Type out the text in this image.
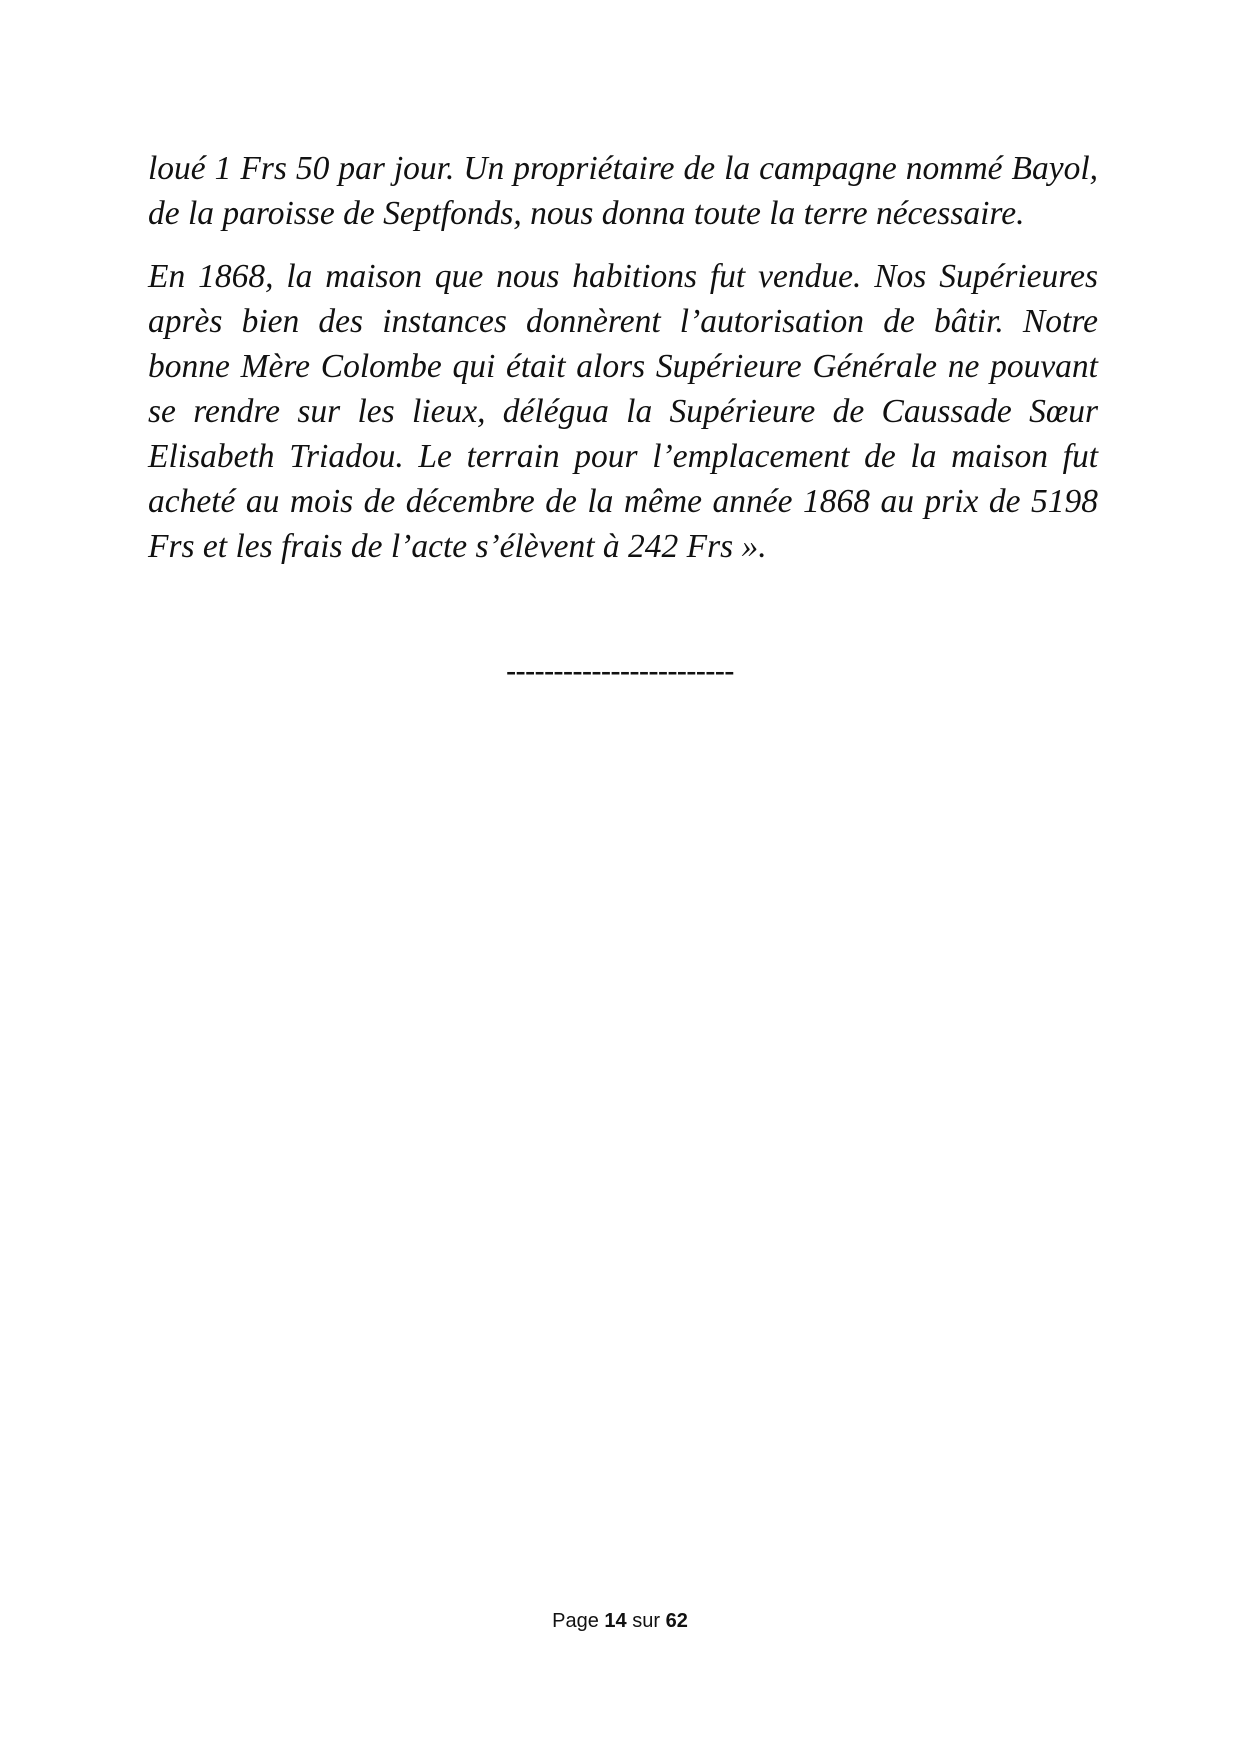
loué 1 Frs 50 par jour. Un propriétaire de la campagne nommé Bayol, de la paroisse de Septfonds, nous donna toute la terre nécessaire.

En 1868, la maison que nous habitions fut vendue. Nos Supérieures après bien des instances donnèrent l’autorisation de bâtir. Notre bonne Mère Colombe qui était alors Supérieure Générale ne pouvant se rendre sur les lieux, délégua la Supérieure de Caussade Sœur Elisabeth Triadou. Le terrain pour l’emplacement de la maison fut acheté au mois de décembre de la même année 1868 au prix de 5198 Frs et les frais de l’acte s’élèvent à 242 Frs ».

------------------------
Page 14 sur 62
